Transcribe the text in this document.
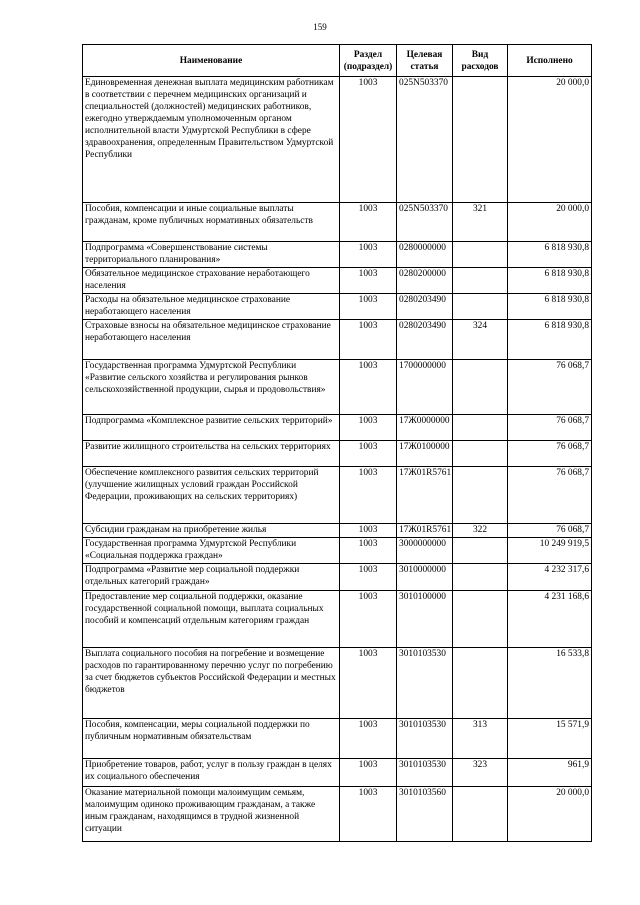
159
Наименование	Раздел (подраздел)	Целевая статья	Вид расходов	Исполнено
Единовременная денежная выплата медицинским работникам в соответствии с перечнем медицинских организаций и специальностей (должностей) медицинских работников, ежегодно утверждаемым уполномоченным органом исполнительной власти Удмуртской Республики в сфере здравоохранения, определенным Правительством Удмуртской Республики	1003	025N503370		20 000,0
Пособия, компенсации и иные социальные выплаты гражданам, кроме публичных нормативных обязательств	1003	025N503370	321	20 000,0
Подпрограмма «Совершенствование системы территориального планирования»	1003	0280000000		6 818 930,8
Обязательное медицинское страхование неработающего населения	1003	0280200000		6 818 930,8
Расходы на обязательное медицинское страхование неработающего населения	1003	0280203490		6 818 930,8
Страховые взносы на обязательное медицинское страхование неработающего населения	1003	0280203490	324	6 818 930,8
Государственная программа Удмуртской Республики «Развитие сельского хозяйства и регулирования рынков сельскохозяйственной продукции, сырья и продовольствия»	1003	1700000000		76 068,7
Подпрограмма «Комплексное развитие сельских территорий»	1003	17Ж0000000		76 068,7
Развитие жилищного строительства на сельских территориях	1003	17Ж0100000		76 068,7
Обеспечение комплексного развития сельских территорий (улучшение жилищных условий граждан Российской Федерации, проживающих на сельских территориях)	1003	17Ж01R5761		76 068,7
Субсидии гражданам на приобретение жилья	1003	17Ж01R5761	322	76 068,7
Государственная программа Удмуртской Республики «Социальная поддержка граждан»	1003	3000000000		10 249 919,5
Подпрограмма «Развитие мер социальной поддержки отдельных категорий граждан»	1003	3010000000		4 232 317,6
Предоставление мер социальной поддержки, оказание государственной социальной помощи, выплата социальных пособий и компенсаций отдельным категориям граждан	1003	3010100000		4 231 168,6
Выплата социального пособия на погребение и возмещение расходов по гарантированному перечню услуг по погребению за счет бюджетов субъектов Российской Федерации и местных бюджетов	1003	3010103530		16 533,8
Пособия, компенсации, меры социальной поддержки по публичным нормативным обязательствам	1003	3010103530	313	15 571,9
Приобретение товаров, работ, услуг в пользу граждан в целях их социального обеспечения	1003	3010103530	323	961,9
Оказание материальной помощи малоимущим семьям, малоимущим одиноко проживающим гражданам, а также иным гражданам, находящимся в трудной жизненной ситуации	1003	3010103560		20 000,0
